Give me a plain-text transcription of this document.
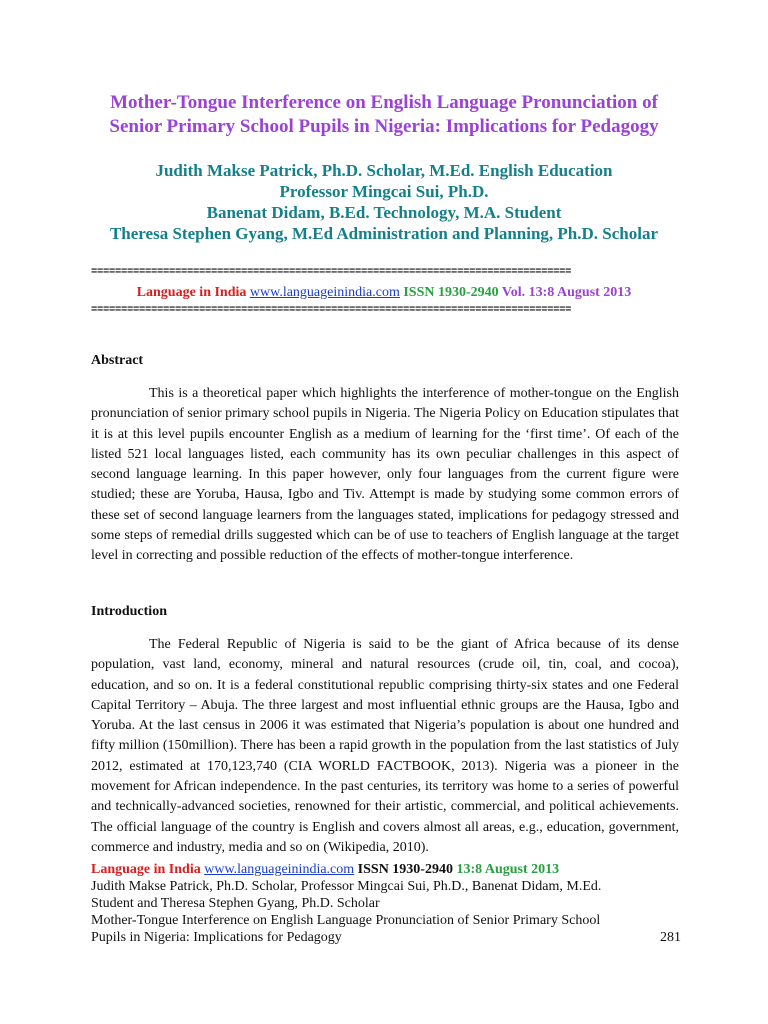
Mother-Tongue Interference on English Language Pronunciation of
Senior Primary School Pupils in Nigeria: Implications for Pedagogy
Judith Makse Patrick, Ph.D. Scholar, M.Ed. English Education
Professor Mingcai Sui, Ph.D.
Banenat Didam, B.Ed. Technology, M.A. Student
Theresa Stephen Gyang, M.Ed Administration and Planning, Ph.D. Scholar
================================================================================
Language in India www.languageinindia.com ISSN 1930-2940 Vol. 13:8 August 2013
================================================================================
Abstract
This is a theoretical paper which highlights the interference of mother-tongue on the English pronunciation of senior primary school pupils in Nigeria. The Nigeria Policy on Education stipulates that it is at this level pupils encounter English as a medium of learning for the ‘first time’. Of each of the listed 521 local languages listed, each community has its own peculiar challenges in this aspect of second language learning. In this paper however, only four languages from the current figure were studied; these are Yoruba, Hausa, Igbo and Tiv. Attempt is made by studying some common errors of these set of second language learners from the languages stated, implications for pedagogy stressed and some steps of remedial drills suggested which can be of use to teachers of English language at the target level in correcting and possible reduction of the effects of mother-tongue interference.
Introduction
The Federal Republic of Nigeria is said to be the giant of Africa because of its dense population, vast land, economy, mineral and natural resources (crude oil, tin, coal, and cocoa), education, and so on. It is a federal constitutional republic comprising thirty-six states and one Federal Capital Territory – Abuja. The three largest and most influential ethnic groups are the Hausa, Igbo and Yoruba. At the last census in 2006 it was estimated that Nigeria’s population is about one hundred and fifty million (150million). There has been a rapid growth in the population from the last statistics of July 2012, estimated at 170,123,740 (CIA WORLD FACTBOOK, 2013). Nigeria was a pioneer in the movement for African independence. In the past centuries, its territory was home to a series of powerful and technically-advanced societies, renowned for their artistic, commercial, and political achievements. The official language of the country is English and covers almost all areas, e.g., education, government, commerce and industry, media and so on (Wikipedia, 2010).
Language in India www.languageinindia.com ISSN 1930-2940 13:8 August 2013
Judith Makse Patrick, Ph.D. Scholar, Professor Mingcai Sui, Ph.D., Banenat Didam, M.Ed.
Student and Theresa Stephen Gyang, Ph.D. Scholar
Mother-Tongue Interference on English Language Pronunciation of Senior Primary School
Pupils in Nigeria: Implications for Pedagogy	281
